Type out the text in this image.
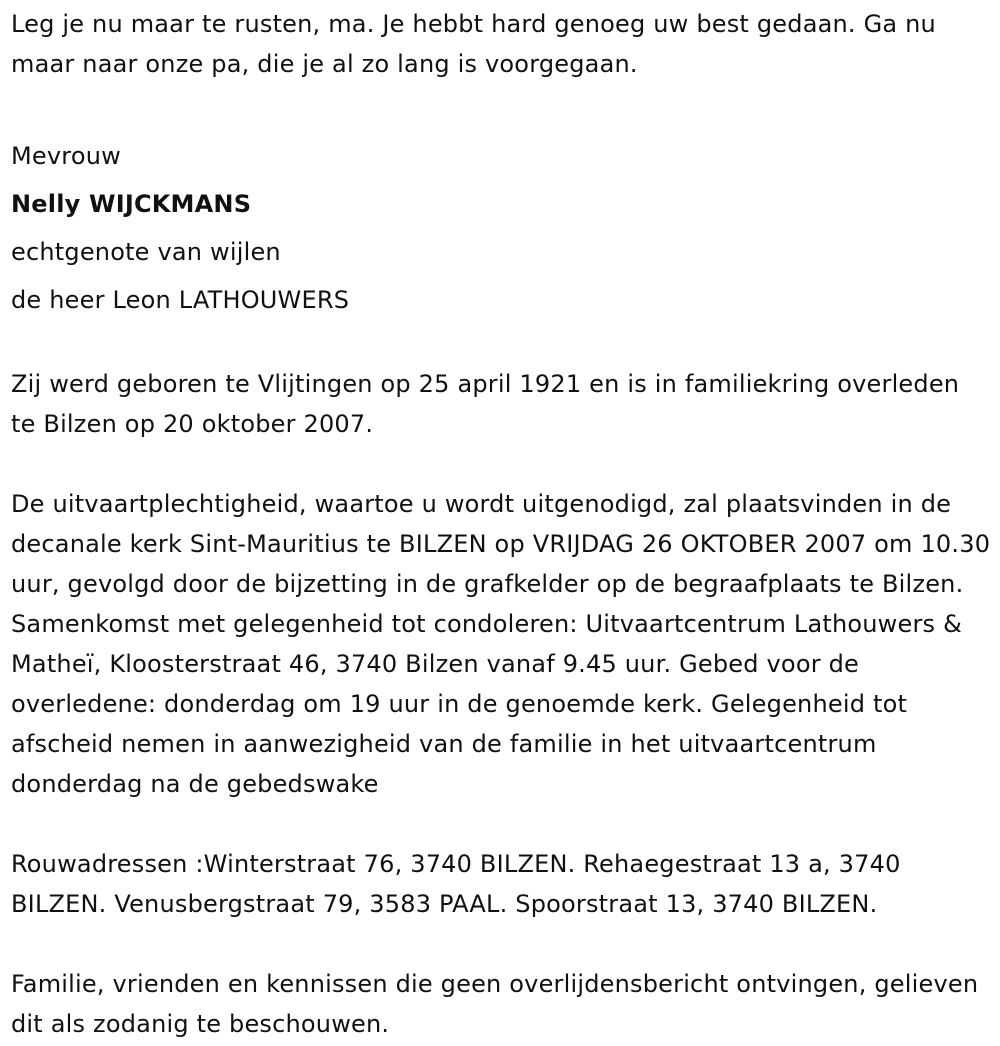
Leg je nu maar te rusten, ma. Je hebbt hard genoeg uw best gedaan. Ga nu maar naar onze pa, die je al zo lang is voorgegaan.

Mevrouw
Nelly WIJCKMANS
echtgenote van wijlen
de heer Leon LATHOUWERS

Zij werd geboren te Vlijtingen op 25 april 1921 en is in familiekring overleden te Bilzen op 20 oktober 2007.

De uitvaartplechtigheid, waartoe u wordt uitgenodigd, zal plaatsvinden in de decanale kerk Sint-Mauritius te BILZEN op VRIJDAG 26 OKTOBER 2007 om 10.30 uur, gevolgd door de bijzetting in de grafkelder op de begraafplaats te Bilzen. Samenkomst met gelegenheid tot condoleren: Uitvaartcentrum Lathouwers & Matheï, Kloosterstraat 46, 3740 Bilzen vanaf 9.45 uur. Gebed voor de overledene: donderdag om 19 uur in de genoemde kerk. Gelegenheid tot afscheid nemen in aanwezigheid van de familie in het uitvaartcentrum donderdag na de gebedswake

Rouwadressen :Winterstraat 76, 3740 BILZEN. Rehaegestraat 13 a, 3740 BILZEN. Venusbergstraat 79, 3583 PAAL. Spoorstraat 13, 3740 BILZEN.

Familie, vrienden en kennissen die geen overlijdensbericht ontvingen, gelieven dit als zodanig te beschouwen.
